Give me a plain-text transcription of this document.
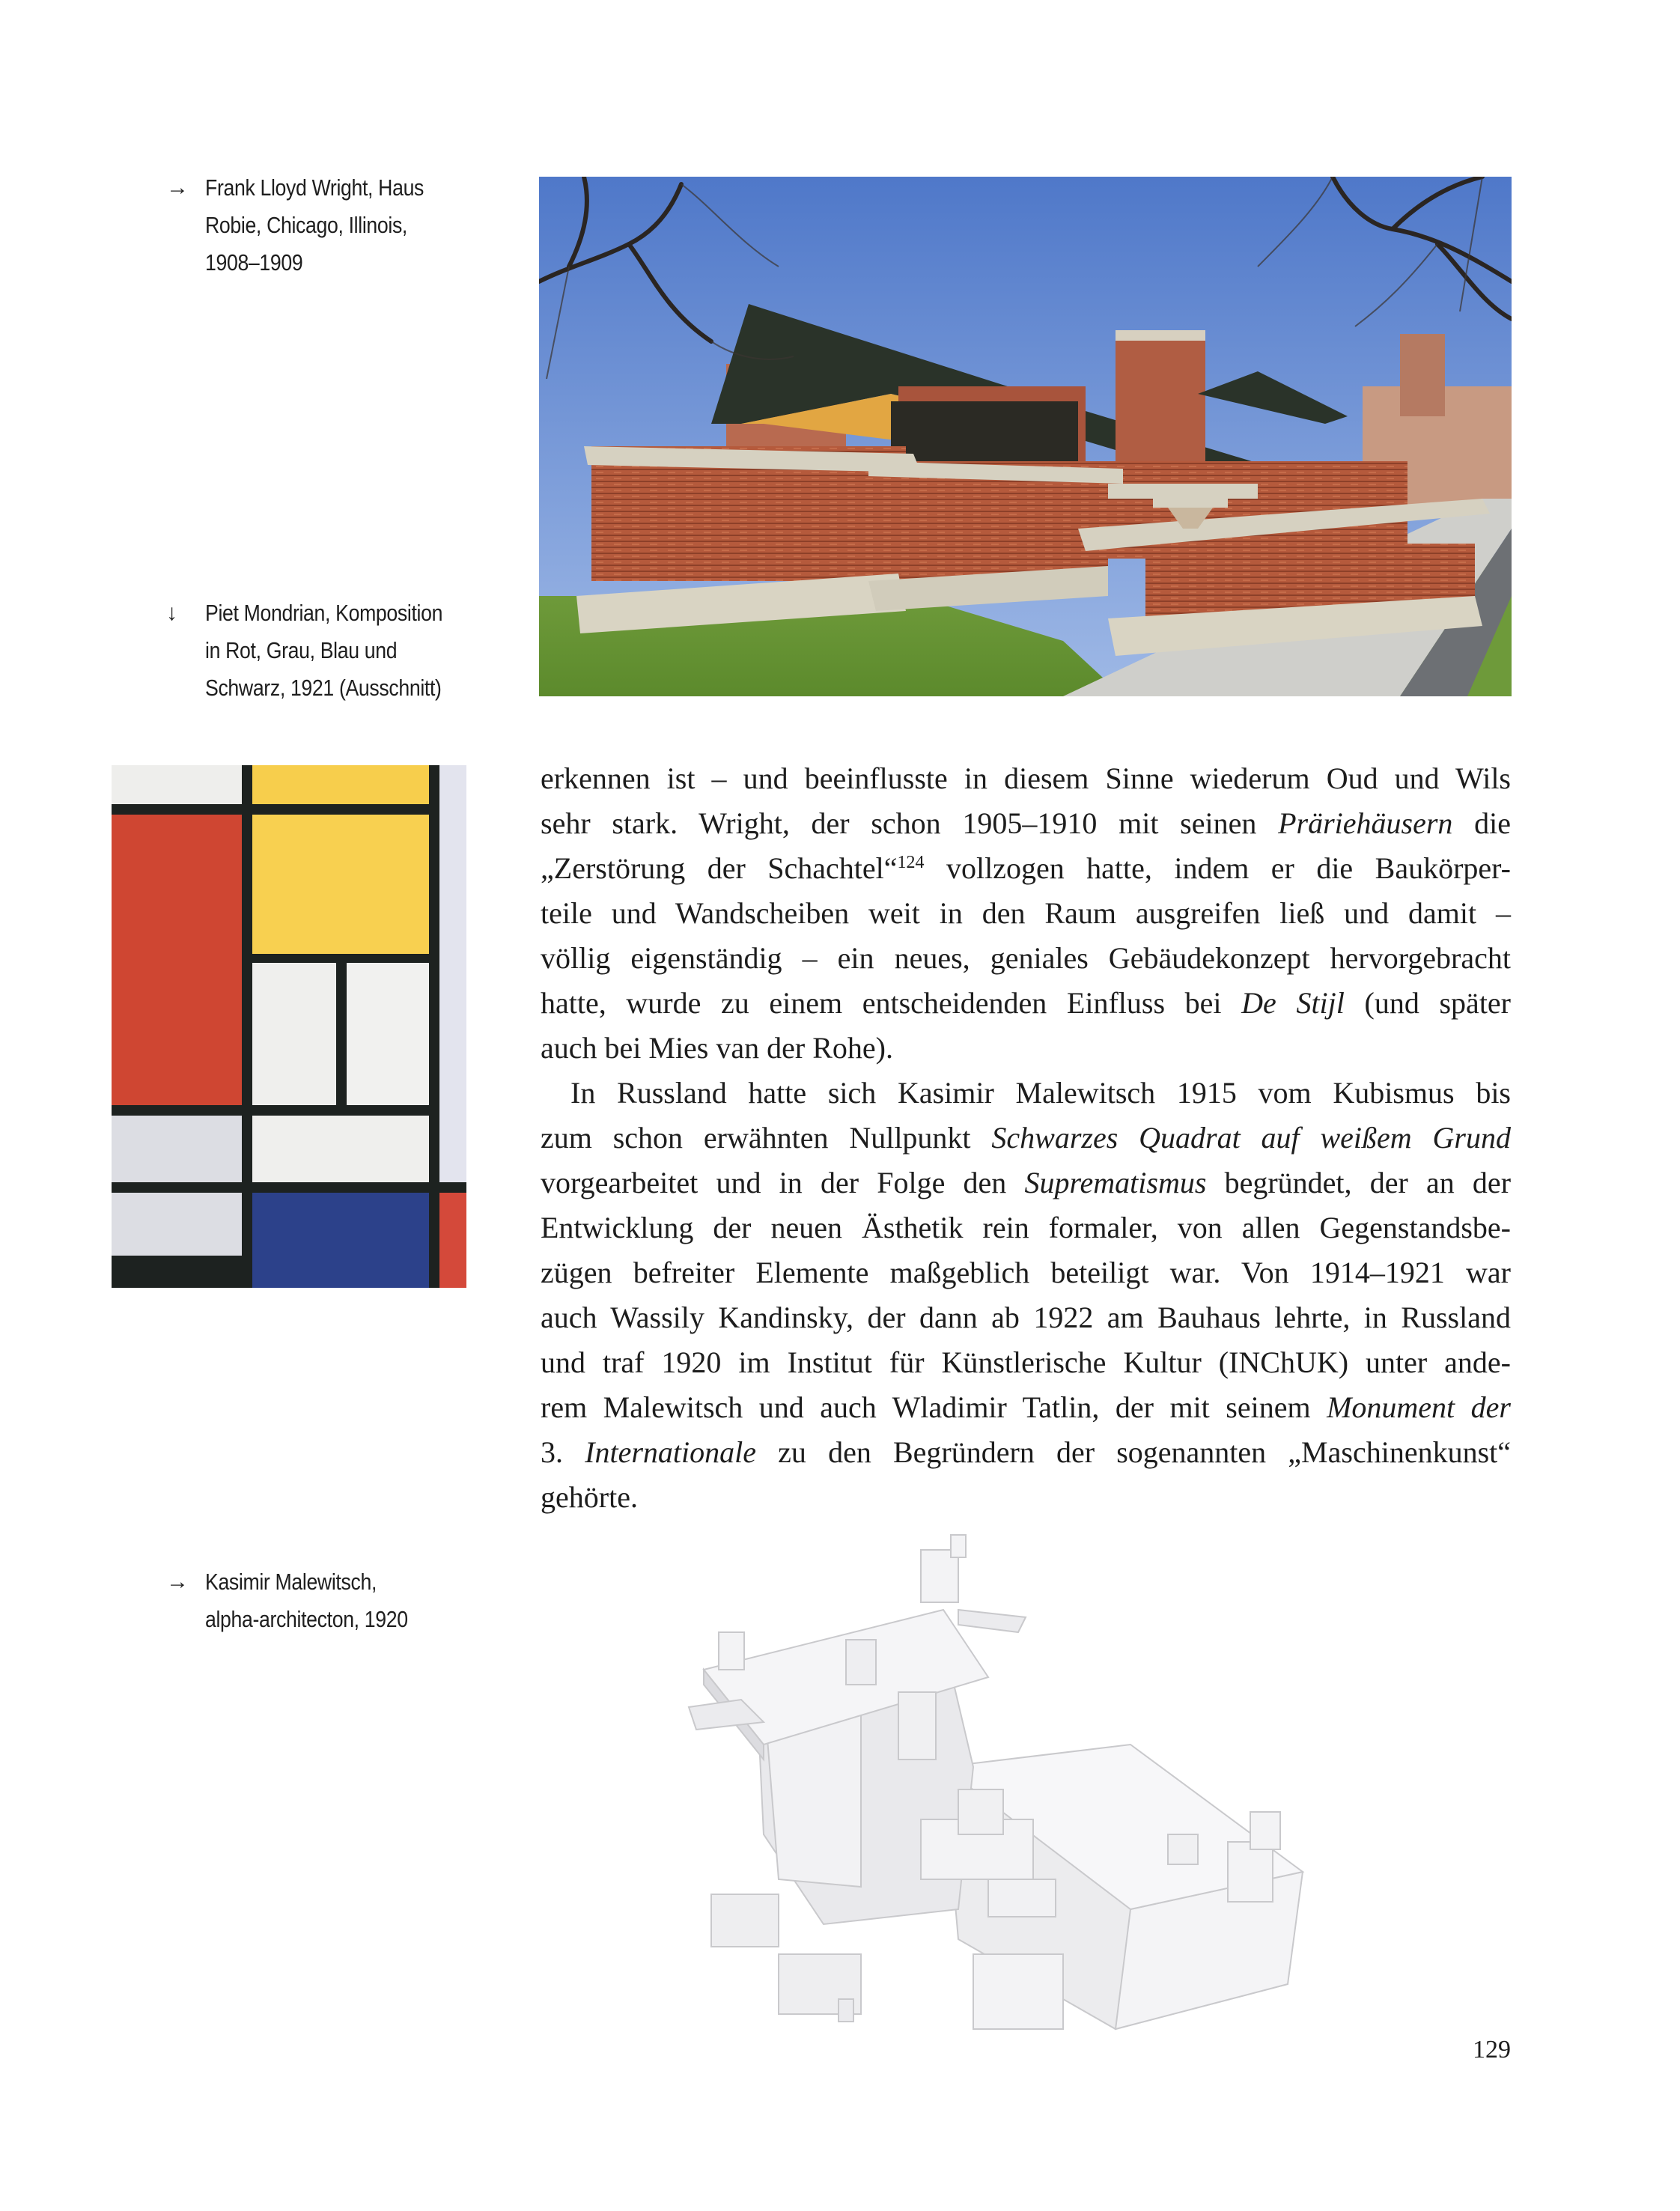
→ Frank Lloyd Wright, Haus
Robie, Chicago, Illinois,
1908–1909
↓	Piet Mondrian, Komposition
in Rot, Grau, Blau und
Schwarz, 1921 (Ausschnitt)
erkennen ist – und beeinflusste in diesem Sinne wiederum Oud und Wils
sehr stark. Wright, der schon 1905–1910 mit seinen Präriehäusern die
„Zerstörung der Schachtel“$^{124}$ vollzogen hatte, indem er die Baukörper-
teile und Wandscheiben weit in den Raum ausgreifen ließ und damit –
völlig eigenständig – ein neues, geniales Gebäudekonzept hervorgebracht
hatte, wurde zu einem entscheidenden Einfluss bei De Stijl (und später
auch bei Mies van der Rohe).
In Russland hatte sich Kasimir Malewitsch 1915 vom Kubismus bis
zum schon erwähnten Nullpunkt Schwarzes Quadrat auf weißem Grund
vorgearbeitet und in der Folge den Suprematismus begründet, der an der
Entwicklung der neuen Ästhetik rein formaler, von allen Gegenstandsbe-
zügen befreiter Elemente maßgeblich beteiligt war. Von 1914–1921 war
auch Wassily Kandinsky, der dann ab 1922 am Bauhaus lehrte, in Russland
und traf 1920 im Institut für Künstlerische Kultur (INChUK) unter ande-
rem Malewitsch und auch Wladimir Tatlin, der mit seinem Monument der
3. Internationale zu den Begründern der sogenannten „Maschinenkunst“
gehörte.
→ Kasimir Malewitsch,
alpha-architecton, 1920
129
